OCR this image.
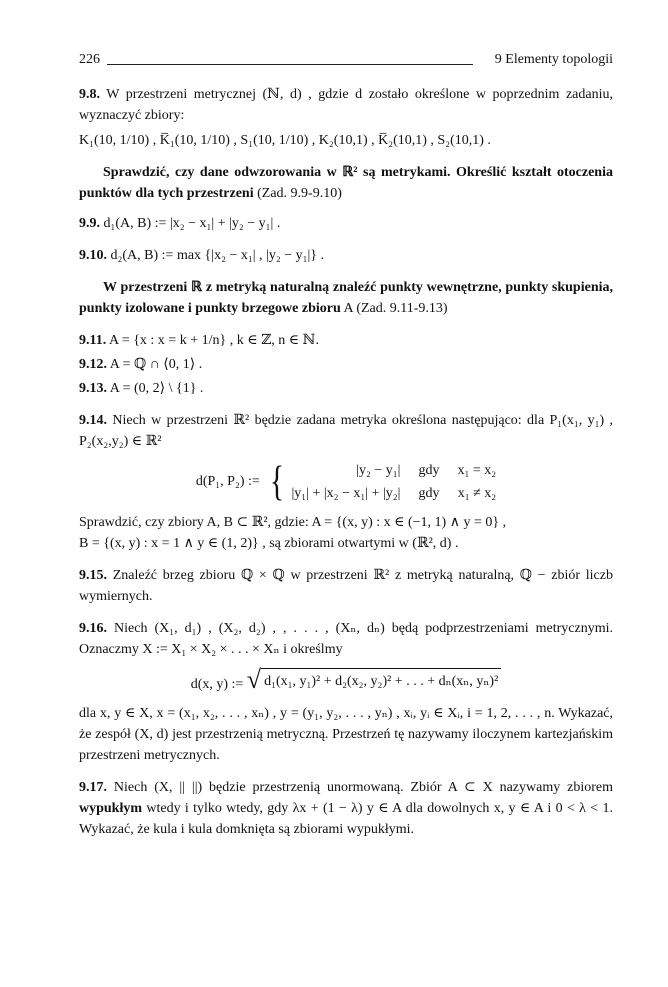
226	9 Elementy topologii

9.8. W przestrzeni metrycznej (ℕ, d) , gdzie d zostało określone w poprzednim zadaniu, wyznaczyć zbiory:

K₁(10, 1/10) , K̅₁(10, 1/10) , S₁(10, 1/10) , K₂(10,1) , K̅₂(10,1) , S₂(10,1) .

Sprawdzić, czy dane odwzorowania w ℝ² są metrykami. Określić kształt otoczenia punktów dla tych przestrzeni (Zad. 9.9-9.10)

9.9. d₁(A, B) := |x₂ − x₁| + |y₂ − y₁| .

9.10. d₂(A, B) := max {|x₂ − x₁| , |y₂ − y₁|} .

W przestrzeni ℝ z metryką naturalną znaleźć punkty wewnętrzne, punkty skupienia, punkty izolowane i punkty brzegowe zbioru A (Zad. 9.11-9.13)

9.11. A = {x : x = k + 1/n} , k ∈ ℤ, n ∈ ℕ.

9.12. A = ℚ ∩ ⟨0, 1⟩ .

9.13. A = (0, 2⟩ \ {1} .

9.14. Niech w przestrzeni ℝ² będzie zadana metryka określona następująco: dla P₁(x₁, y₁) , P₂(x₂,y₂) ∈ ℝ²

d(P₁, P₂) := {	|y₂ − y₁| gdy x₁ = x₂
|y₁| + |x₂ − x₁| + |y₂| gdy x₁ ≠ x₂

Sprawdzić, czy zbiory A, B ⊂ ℝ², gdzie: A = {(x, y) : x ∈ (−1, 1) ∧ y = 0} ,

B = {(x, y) : x = 1 ∧ y ∈ (1, 2)} , są zbiorami otwartymi w (ℝ², d) .

9.15. Znaleźć brzeg zbioru ℚ × ℚ w przestrzeni ℝ² z metryką naturalną, ℚ − zbiór liczb wymiernych.

9.16. Niech (X₁, d₁) , (X₂, d₂) , , . . . , (Xₙ, dₙ) będą podprzestrzeniami metrycznymi. Oznaczmy X := X₁ × X₂ × . . . × Xₙ i określmy

d(x, y) := √ d₁(x₁, y₁)² + d₂(x₂, y₂)² + . . . + dₙ(xₙ, yₙ)²

dla x, y ∈ X, x = (x₁, x₂, . . . , xₙ) , y = (y₁, y₂, . . . , yₙ) , xᵢ, yᵢ ∈ Xᵢ, i = 1, 2, . . . , n. Wykazać, że zespół (X, d) jest przestrzenią metryczną. Przestrzeń tę nazywamy iloczynem kartezjańskim przestrzeni metrycznych.

9.17. Niech (X, || ||) będzie przestrzenią unormowaną. Zbiór A ⊂ X nazywamy zbiorem wypukłym wtedy i tylko wtedy, gdy λx + (1 − λ) y ∈ A dla dowolnych x, y ∈ A i 0 < λ < 1. Wykazać, że kula i kula domknięta są zbiorami wypukłymi.
